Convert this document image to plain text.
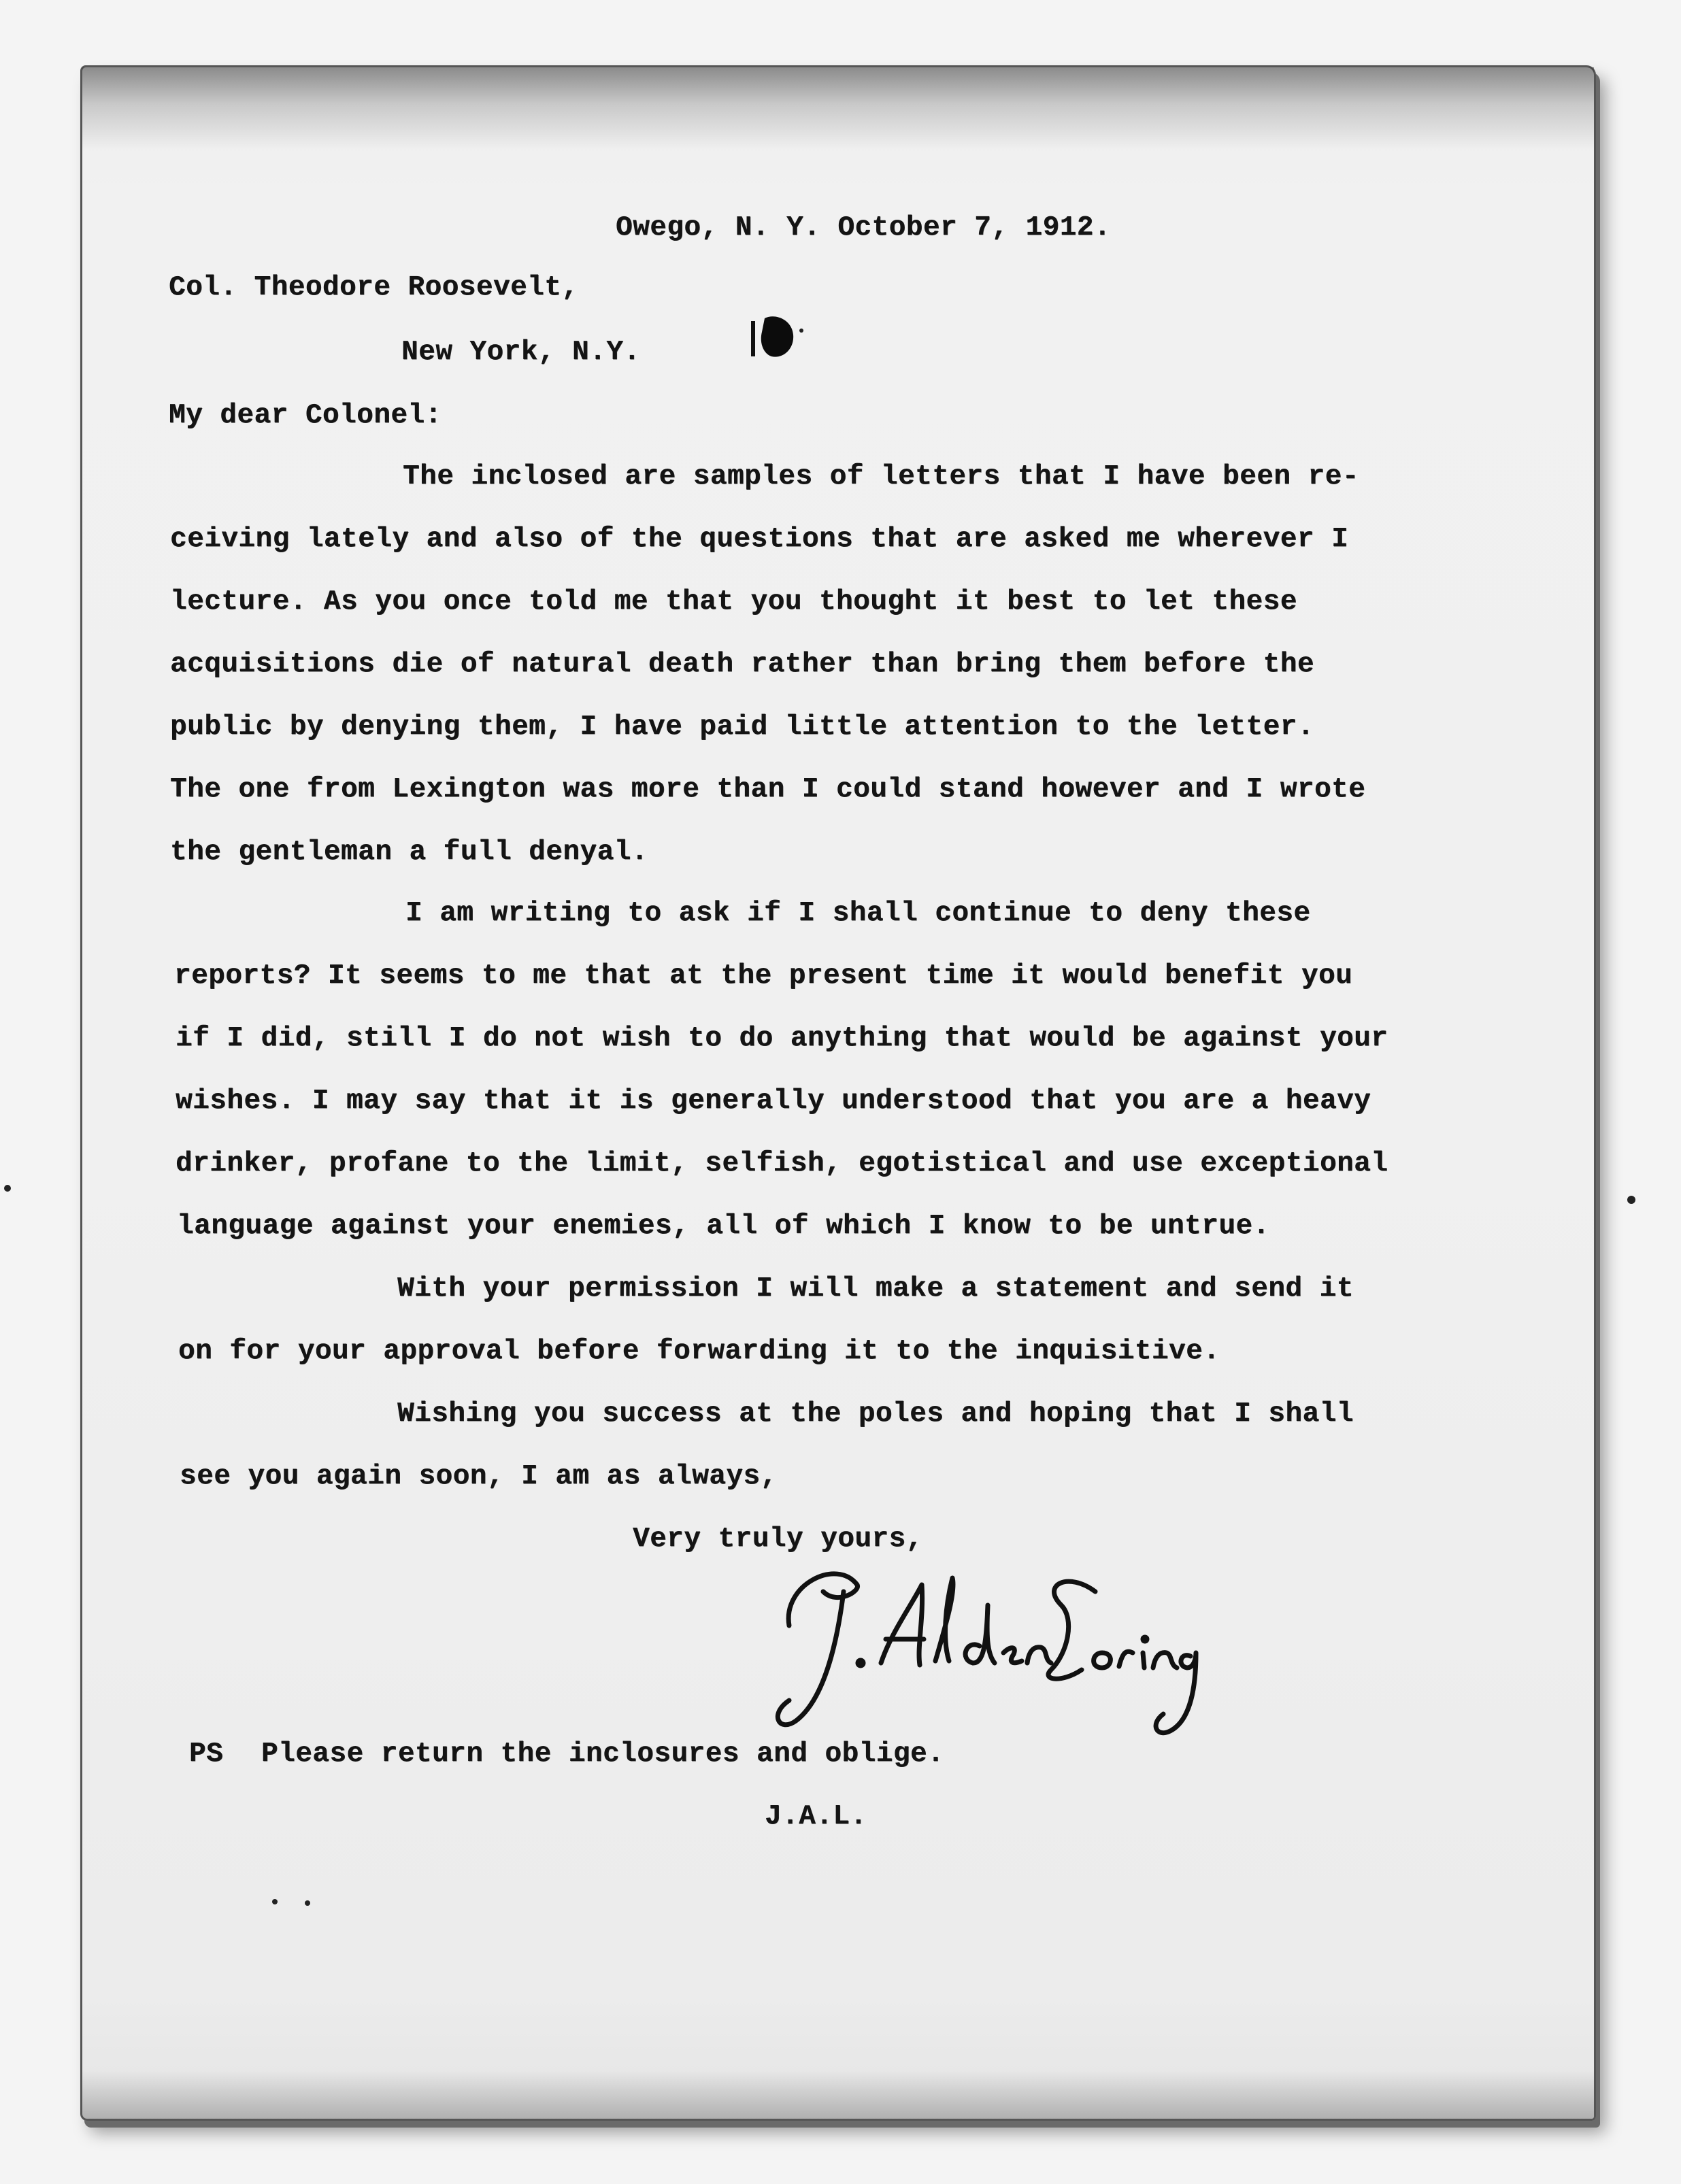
Owego, N. Y. October 7, 1912.

Col. Theodore Roosevelt,

New York, N.Y.

My dear Colonel:

The inclosed are samples of letters that I have been re-

ceiving lately and also of the questions that are asked me wherever I

lecture. As you once told me that you thought it best to let these

acquisitions die of natural death rather than bring them before the

public by denying them, I have paid little attention to the letter.

The one from Lexington was more than I could stand however and I wrote

the gentleman a full denyal.

I am writing to ask if I shall continue to deny these

reports? It seems to me that at the present time it would benefit you

if I did, still I do not wish to do anything that would be against your

wishes. I may say that it is generally understood that you are a heavy

drinker, profane to the limit, selfish, egotistical and use exceptional

language against your enemies, all of which I know to be untrue.

With your permission I will make a statement and send it

on for your approval before forwarding it to the inquisitive.

Wishing you success at the poles and hoping that I shall

see you again soon, I am as always,

Very truly yours,

PS Please return the inclosures and oblige.

J.A.L.
